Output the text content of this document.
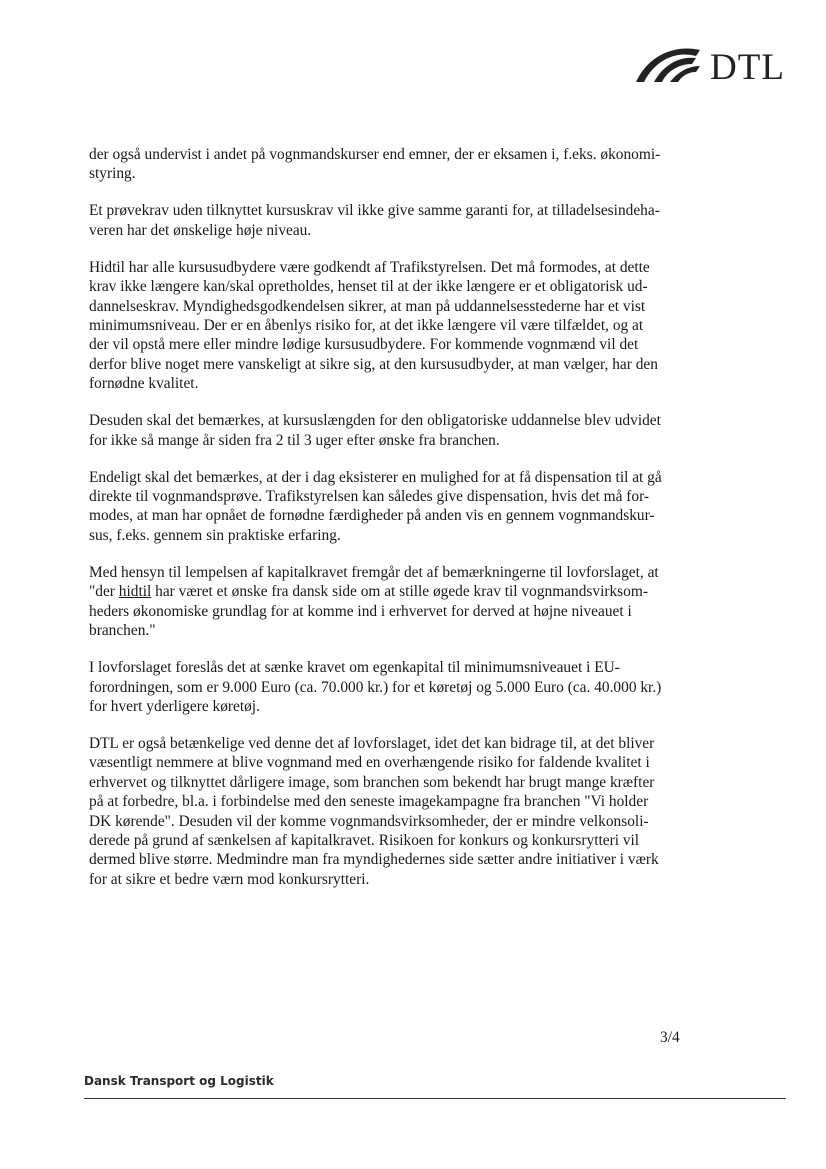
DTL

der også undervist i andet på vognmandskurser end emner, der er eksamen i, f.eks. økonomi-
styring.

Et prøvekrav uden tilknyttet kursuskrav vil ikke give samme garanti for, at tilladelsesindeha-
veren har det ønskelige høje niveau.

Hidtil har alle kursusudbydere være godkendt af Trafikstyrelsen. Det må formodes, at dette
krav ikke længere kan/skal opretholdes, henset til at der ikke længere er et obligatorisk ud-
dannelseskrav. Myndighedsgodkendelsen sikrer, at man på uddannelsesstederne har et vist
minimumsniveau. Der er en åbenlys risiko for, at det ikke længere vil være tilfældet, og at
der vil opstå mere eller mindre lødige kursusudbydere. For kommende vognmænd vil det
derfor blive noget mere vanskeligt at sikre sig, at den kursusudbyder, at man vælger, har den
fornødne kvalitet.

Desuden skal det bemærkes, at kursuslængden for den obligatoriske uddannelse blev udvidet
for ikke så mange år siden fra 2 til 3 uger efter ønske fra branchen.

Endeligt skal det bemærkes, at der i dag eksisterer en mulighed for at få dispensation til at gå
direkte til vognmandsprøve. Trafikstyrelsen kan således give dispensation, hvis det må for-
modes, at man har opnået de fornødne færdigheder på anden vis en gennem vognmandskur-
sus, f.eks. gennem sin praktiske erfaring.

Med hensyn til lempelsen af kapitalkravet fremgår det af bemærkningerne til lovforslaget, at
"der hidtil har været et ønske fra dansk side om at stille øgede krav til vognmandsvirksom-
heders økonomiske grundlag for at komme ind i erhvervet for derved at højne niveauet i
branchen."

I lovforslaget foreslås det at sænke kravet om egenkapital til minimumsniveauet i EU-
forordningen, som er 9.000 Euro (ca. 70.000 kr.) for et køretøj og 5.000 Euro (ca. 40.000 kr.)
for hvert yderligere køretøj.

DTL er også betænkelige ved denne det af lovforslaget, idet det kan bidrage til, at det bliver
væsentligt nemmere at blive vognmand med en overhængende risiko for faldende kvalitet i
erhvervet og tilknyttet dårligere image, som branchen som bekendt har brugt mange kræfter
på at forbedre, bl.a. i forbindelse med den seneste imagekampagne fra branchen "Vi holder
DK kørende". Desuden vil der komme vognmandsvirksomheder, der er mindre velkonsoli-
derede på grund af sænkelsen af kapitalkravet. Risikoen for konkurs og konkursrytteri vil
dermed blive større. Medmindre man fra myndighedernes side sætter andre initiativer i værk
for at sikre et bedre værn mod konkursrytteri.

3/4
Dansk Transport og Logistik
